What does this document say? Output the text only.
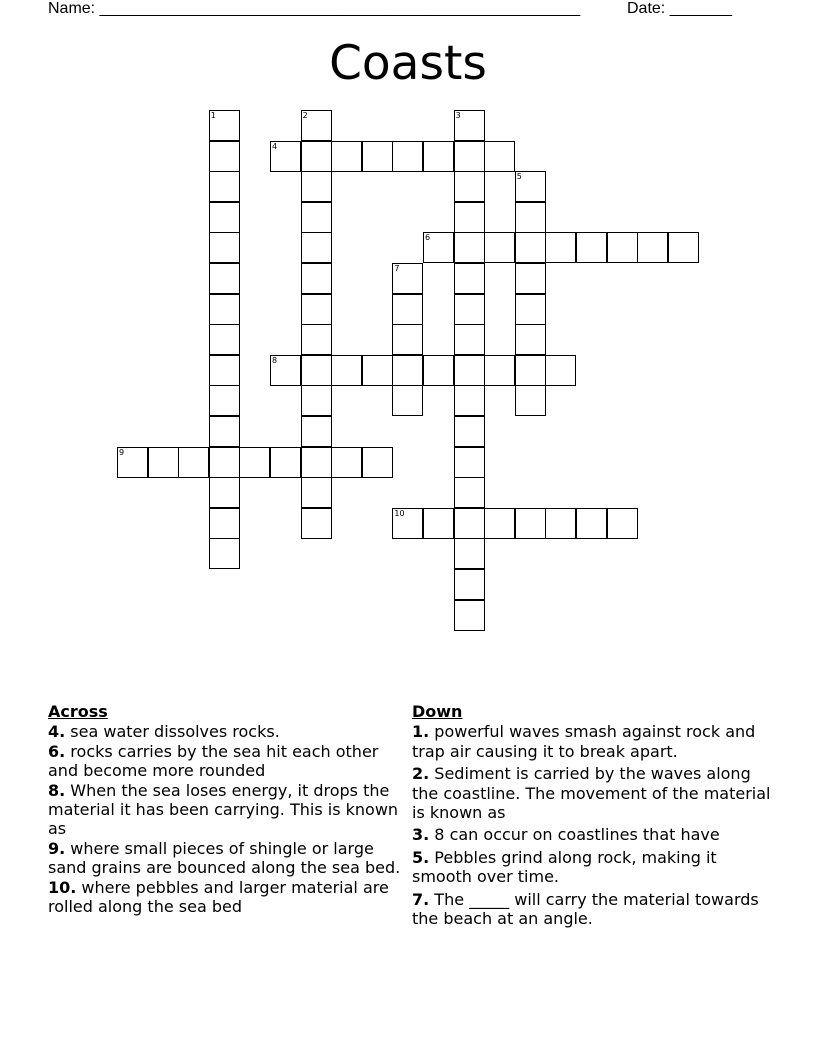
Name: ______________________________________________________	Date: _______
Coasts
1	2	3
4
5
6
7
8
9
10
Across
4. sea water dissolves rocks.
6. rocks carries by the sea hit each other and become more rounded
8. When the sea loses energy, it drops the material it has been carrying. This is known as
9. where small pieces of shingle or large sand grains are bounced along the sea bed.
10. where pebbles and larger material are rolled along the sea bed
Down
1. powerful waves smash against rock and trap air causing it to break apart.
2. Sediment is carried by the waves along the coastline. The movement of the material is known as
3. 8 can occur on coastlines that have
5. Pebbles grind along rock, making it smooth over time.
7. The _____ will carry the material towards the beach at an angle.
